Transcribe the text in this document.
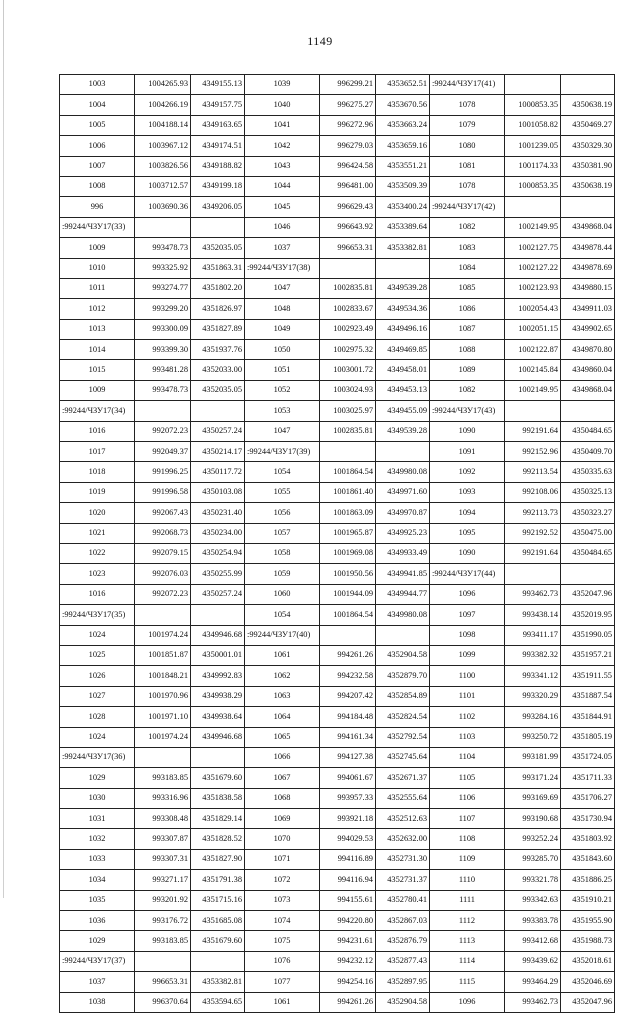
1149
1003	1004265.93	4349155.13	1039	996299.21	4353652.51	:99244/ЧЗУ17(41)		
1004	1004266.19	4349157.75	1040	996275.27	4353670.56	1078	1000853.35	4350638.19
1005	1004188.14	4349163.65	1041	996272.96	4353663.24	1079	1001058.82	4350469.27
1006	1003967.12	4349174.51	1042	996279.03	4353659.16	1080	1001239.05	4350329.30
1007	1003826.56	4349188.82	1043	996424.58	4353551.21	1081	1001174.33	4350381.90
1008	1003712.57	4349199.18	1044	996481.00	4353509.39	1078	1000853.35	4350638.19
996	1003690.36	4349206.05	1045	996629.43	4353400.24	:99244/ЧЗУ17(42)		
:99244/ЧЗУ17(33)			1046	996643.92	4353389.64	1082	1002149.95	4349868.04
1009	993478.73	4352035.05	1037	996653.31	4353382.81	1083	1002127.75	4349878.44
1010	993325.92	4351863.31	:99244/ЧЗУ17(38)			1084	1002127.22	4349878.69
1011	993274.77	4351802.20	1047	1002835.81	4349539.28	1085	1002123.93	4349880.15
1012	993299.20	4351826.97	1048	1002833.67	4349534.36	1086	1002054.43	4349911.03
1013	993300.09	4351827.89	1049	1002923.49	4349496.16	1087	1002051.15	4349902.65
1014	993399.30	4351937.76	1050	1002975.32	4349469.85	1088	1002122.87	4349870.80
1015	993481.28	4352033.00	1051	1003001.72	4349458.01	1089	1002145.84	4349860.04
1009	993478.73	4352035.05	1052	1003024.93	4349453.13	1082	1002149.95	4349868.04
:99244/ЧЗУ17(34)			1053	1003025.97	4349455.09	:99244/ЧЗУ17(43)		
1016	992072.23	4350257.24	1047	1002835.81	4349539.28	1090	992191.64	4350484.65
1017	992049.37	4350214.17	:99244/ЧЗУ17(39)			1091	992152.96	4350409.70
1018	991996.25	4350117.72	1054	1001864.54	4349980.08	1092	992113.54	4350335.63
1019	991996.58	4350103.08	1055	1001861.40	4349971.60	1093	992108.06	4350325.13
1020	992067.43	4350231.40	1056	1001863.09	4349970.87	1094	992113.73	4350323.27
1021	992068.73	4350234.00	1057	1001965.87	4349925.23	1095	992192.52	4350475.00
1022	992079.15	4350254.94	1058	1001969.08	4349933.49	1090	992191.64	4350484.65
1023	992076.03	4350255.99	1059	1001950.56	4349941.85	:99244/ЧЗУ17(44)		
1016	992072.23	4350257.24	1060	1001944.09	4349944.77	1096	993462.73	4352047.96
:99244/ЧЗУ17(35)			1054	1001864.54	4349980.08	1097	993438.14	4352019.95
1024	1001974.24	4349946.68	:99244/ЧЗУ17(40)			1098	993411.17	4351990.05
1025	1001851.87	4350001.01	1061	994261.26	4352904.58	1099	993382.32	4351957.21
1026	1001848.21	4349992.83	1062	994232.58	4352879.70	1100	993341.12	4351911.55
1027	1001970.96	4349938.29	1063	994207.42	4352854.89	1101	993320.29	4351887.54
1028	1001971.10	4349938.64	1064	994184.48	4352824.54	1102	993284.16	4351844.91
1024	1001974.24	4349946.68	1065	994161.34	4352792.54	1103	993250.72	4351805.19
:99244/ЧЗУ17(36)			1066	994127.38	4352745.64	1104	993181.99	4351724.05
1029	993183.85	4351679.60	1067	994061.67	4352671.37	1105	993171.24	4351711.33
1030	993316.96	4351838.58	1068	993957.33	4352555.64	1106	993169.69	4351706.27
1031	993308.48	4351829.14	1069	993921.18	4352512.63	1107	993190.68	4351730.94
1032	993307.87	4351828.52	1070	994029.53	4352632.00	1108	993252.24	4351803.92
1033	993307.31	4351827.90	1071	994116.89	4352731.30	1109	993285.70	4351843.60
1034	993271.17	4351791.38	1072	994116.94	4352731.37	1110	993321.78	4351886.25
1035	993201.92	4351715.16	1073	994155.61	4352780.41	1111	993342.63	4351910.21
1036	993176.72	4351685.08	1074	994220.80	4352867.03	1112	993383.78	4351955.90
1029	993183.85	4351679.60	1075	994231.61	4352876.79	1113	993412.68	4351988.73
:99244/ЧЗУ17(37)			1076	994232.12	4352877.43	1114	993439.62	4352018.61
1037	996653.31	4353382.81	1077	994254.16	4352897.95	1115	993464.29	4352046.69
1038	996370.64	4353594.65	1061	994261.26	4352904.58	1096	993462.73	4352047.96
